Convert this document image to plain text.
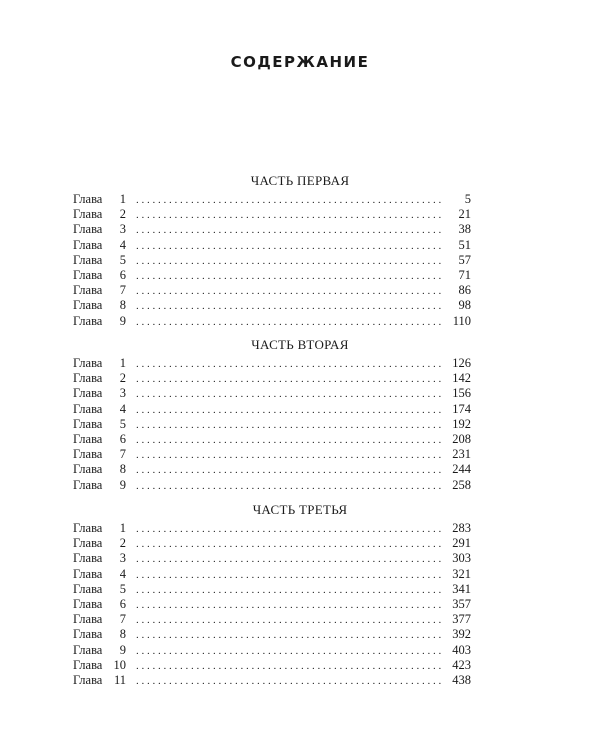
СОДЕРЖАНИЕ
ЧАСТЬ ПЕРВАЯ
Глава	1 . . .	5
Глава	2 . . .	21
Глава	3 . . .	38
Глава	4 . . .	51
Глава	5 . . .	57
Глава	6 . . .	71
Глава	7 . . .	86
Глава	8 . . .	98
Глава	9 . . .	110
ЧАСТЬ ВТОРАЯ
Глава	1 . . .	126
Глава	2 . . .	142
Глава	3 . . .	156
Глава	4 . . .	174
Глава	5 . . .	192
Глава	6 . . .	208
Глава	7 . . .	231
Глава	8 . . .	244
Глава	9 . . .	258
ЧАСТЬ ТРЕТЬЯ
Глава	1 . . .	283
Глава	2 . . .	291
Глава	3 . . .	303
Глава	4 . . .	321
Глава	5 . . .	341
Глава	6 . . .	357
Глава	7 . . .	377
Глава	8 . . .	392
Глава	9 . . .	403
Глава 10 . . .	423
Глава 11 . . .	438
